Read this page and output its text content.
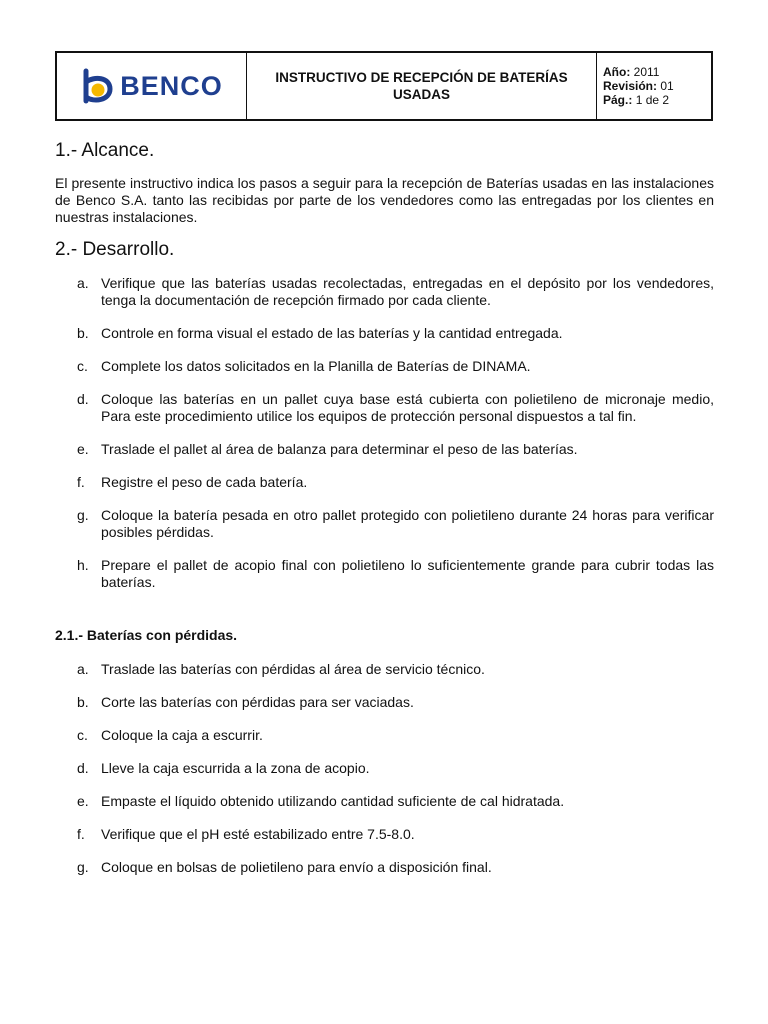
BENCO	INSTRUCTIVO DE RECEPCIÓN DE BATERÍAS
USADAS
Año: 2011
Revisión: 01
Pág.: 1 de 2
1.- Alcance.

El presente instructivo indica los pasos a seguir para la recepción de Baterías usadas en las instalaciones de Benco S.A. tanto las recibidas por parte de los vendedores como las entregadas por los clientes en nuestras instalaciones.

2.- Desarrollo.
a. Verifique que las baterías usadas recolectadas, entregadas en el depósito por los vendedores, tenga la documentación de recepción firmado por cada cliente.
b. Controle en forma visual el estado de las baterías y la cantidad entregada.
c. Complete los datos solicitados en la Planilla de Baterías de DINAMA.
d. Coloque las baterías en un pallet cuya base está cubierta con polietileno de micronaje medio, Para este procedimiento utilice los equipos de protección personal dispuestos a tal fin.
e. Traslade el pallet al área de balanza para determinar el peso de las baterías.
f.	Registre el peso de cada batería.
g. Coloque la batería pesada en otro pallet protegido con polietileno durante 24 horas para verificar posibles pérdidas.
h. Prepare el pallet de acopio final con polietileno lo suficientemente grande para cubrir todas las baterías.
2.1.- Baterías con pérdidas.
a. Traslade las baterías con pérdidas al área de servicio técnico.
b. Corte las baterías con pérdidas para ser vaciadas.
c. Coloque la caja a escurrir.
d. Lleve la caja escurrida a la zona de acopio.
e. Empaste el líquido obtenido utilizando cantidad suficiente de cal hidratada.
f.	Verifique que el pH esté estabilizado entre 7.5-8.0.
g. Coloque en bolsas de polietileno para envío a disposición final.
